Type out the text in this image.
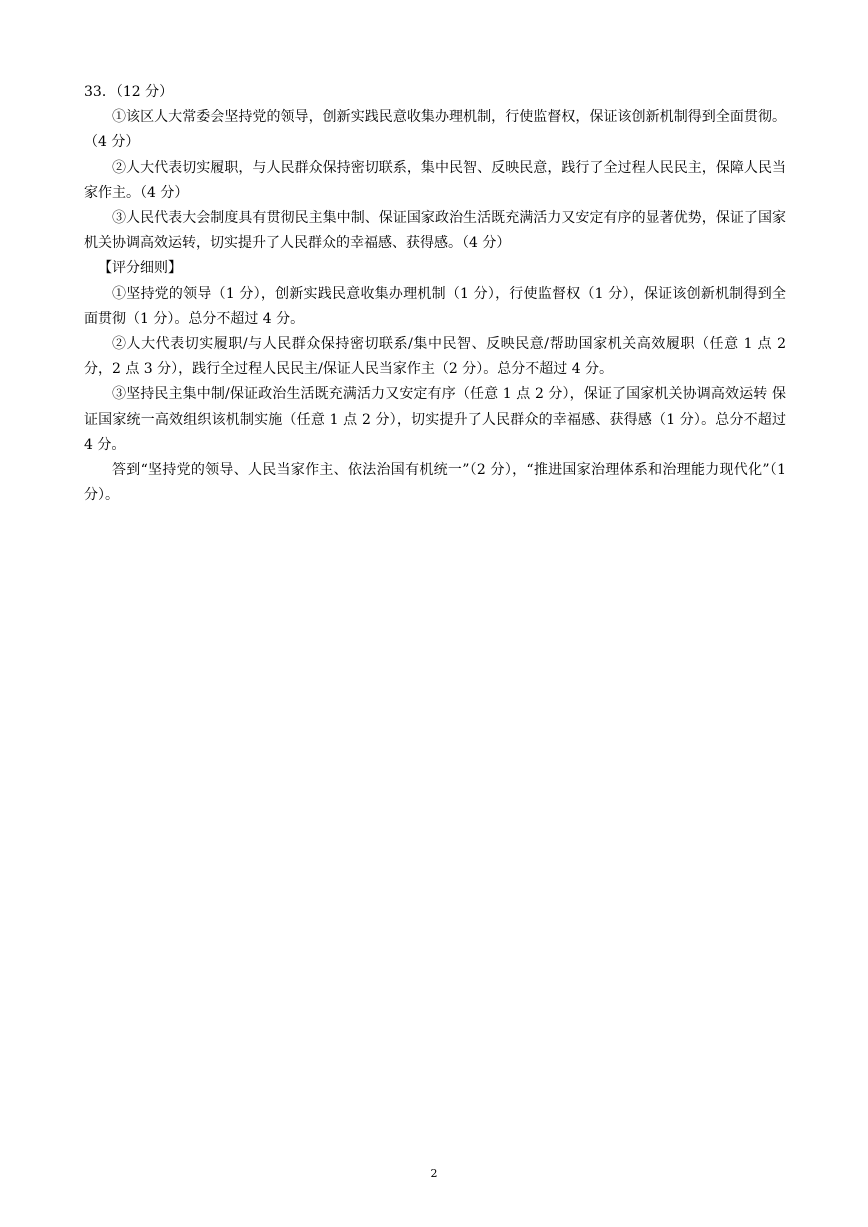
33．（12 分）

①该区人大常委会坚持党的领导，创新实践民意收集办理机制，行使监督权，保证该创新机制得到全面贯彻。（4 分）

②人大代表切实履职，与人民群众保持密切联系，集中民智、反映民意，践行了全过程人民民主，保障人民当家作主。（4 分）

③人民代表大会制度具有贯彻民主集中制、保证国家政治生活既充满活力又安定有序的显著优势，保证了国家机关协调高效运转，切实提升了人民群众的幸福感、获得感。（4 分）

【评分细则】

①坚持党的领导（1 分），创新实践民意收集办理机制（1 分），行使监督权（1 分），保证该创新机制得到全面贯彻（1 分）。总分不超过 4 分。

②人大代表切实履职/与人民群众保持密切联系/集中民智、反映民意/帮助国家机关高效履职（任意 1 点 2 分，2 点 3 分），践行全过程人民民主/保证人民当家作主（2 分）。总分不超过 4 分。

③坚持民主集中制/保证政治生活既充满活力又安定有序（任意 1 点 2 分），保证了国家机关协调高效运转 保证国家统一高效组织该机制实施（任意 1 点 2 分），切实提升了人民群众的幸福感、获得感（1 分）。总分不超过 4 分。

答到“坚持党的领导、人民当家作主、依法治国有机统一”（2 分），“推进国家治理体系和治理能力现代化”（1 分）。

2
